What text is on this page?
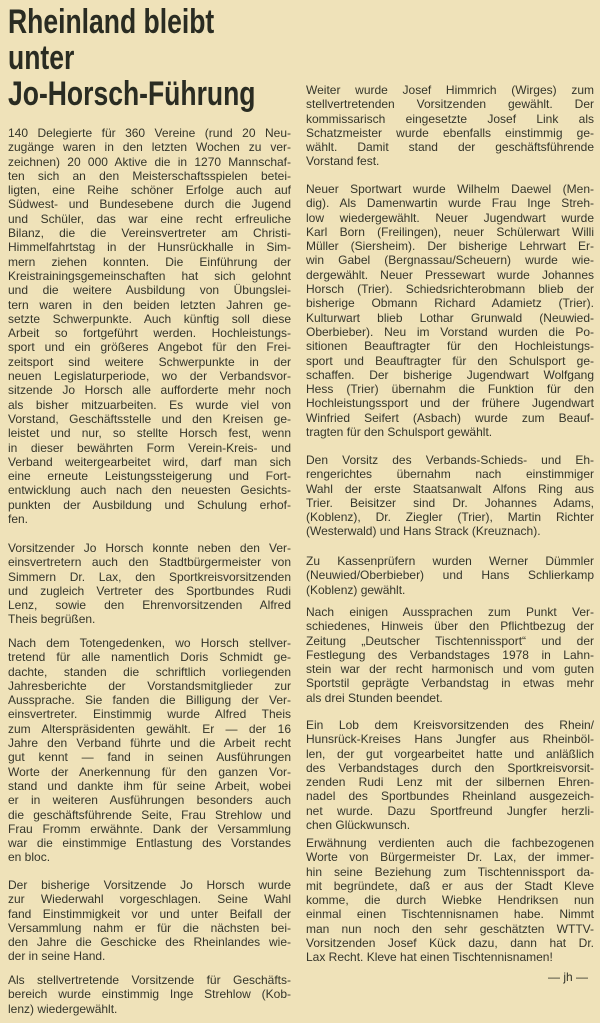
Rheinland bleibt
unter
Jo-Horsch-Führung
140 Delegierte für 360 Vereine (rund 20 Neu-
zugänge waren in den letzten Wochen zu ver-
zeichnen) 20 000 Aktive die in 1270 Mannschaf-
ten sich an den Meisterschaftsspielen betei-
ligten, eine Reihe schöner Erfolge auch auf
Südwest- und Bundesebene durch die Jugend
und Schüler, das war eine recht erfreuliche
Bilanz, die die Vereinsvertreter am Christi-
Himmelfahrtstag in der Hunsrückhalle in Sim-
mern ziehen konnten. Die Einführung der
Kreistrainingsgemeinschaften hat sich gelohnt
und die weitere Ausbildung von Übungslei-
tern waren in den beiden letzten Jahren ge-
setzte Schwerpunkte. Auch künftig soll diese
Arbeit so fortgeführt werden. Hochleistungs-
sport und ein größeres Angebot für den Frei-
zeitsport sind weitere Schwerpunkte in der
neuen Legislaturperiode, wo der Verbandsvor-
sitzende Jo Horsch alle aufforderte mehr noch
als bisher mitzuarbeiten. Es wurde viel von
Vorstand, Geschäftsstelle und den Kreisen ge-
leistet und nur, so stellte Horsch fest, wenn
in dieser bewährten Form Verein-Kreis- und
Verband weitergearbeitet wird, darf man sich
eine erneute Leistungssteigerung und Fort-
entwicklung auch nach den neuesten Gesichts-
punkten der Ausbildung und Schulung erhof-
fen.
Vorsitzender Jo Horsch konnte neben den Ver-
einsvertretern auch den Stadtbürgermeister von
Simmern Dr. Lax, den Sportkreisvorsitzenden
und zugleich Vertreter des Sportbundes Rudi
Lenz, sowie den Ehrenvorsitzenden Alfred
Theis begrüßen.
Nach dem Totengedenken, wo Horsch stellver-
tretend für alle namentlich Doris Schmidt ge-
dachte, standen die schriftlich vorliegenden
Jahresberichte der Vorstandsmitglieder zur
Aussprache. Sie fanden die Billigung der Ver-
einsvertreter. Einstimmig wurde Alfred Theis
zum Alterspräsidenten gewählt. Er — der 16
Jahre den Verband führte und die Arbeit recht
gut kennt — fand in seinen Ausführungen
Worte der Anerkennung für den ganzen Vor-
stand und dankte ihm für seine Arbeit, wobei
er in weiteren Ausführungen besonders auch
die geschäftsführende Seite, Frau Strehlow und
Frau Fromm erwähnte. Dank der Versammlung
war die einstimmige Entlastung des Vorstandes
en bloc.
Der bisherige Vorsitzende Jo Horsch wurde
zur Wiederwahl vorgeschlagen. Seine Wahl
fand Einstimmigkeit vor und unter Beifall der
Versammlung nahm er für die nächsten bei-
den Jahre die Geschicke des Rheinlandes wie-
der in seine Hand.
Als stellvertretende Vorsitzende für Geschäfts-
bereich wurde einstimmig Inge Strehlow (Kob-
lenz) wiedergewählt.
— jh —
Weiter wurde Josef Himmrich (Wirges) zum
stellvertretenden Vorsitzenden gewählt. Der
kommissarisch eingesetzte Josef Link als
Schatzmeister wurde ebenfalls einstimmig ge-
wählt. Damit stand der geschäftsführende
Vorstand fest.
Neuer Sportwart wurde Wilhelm Daewel (Men-
dig). Als Damenwartin wurde Frau Inge Streh-
low wiedergewählt. Neuer Jugendwart wurde
Karl Born (Freilingen), neuer Schülerwart Willi
Müller (Siersheim). Der bisherige Lehrwart Er-
win Gabel (Bergnassau/Scheuern) wurde wie-
dergewählt. Neuer Pressewart wurde Johannes
Horsch (Trier). Schiedsrichterobmann blieb der
bisherige Obmann Richard Adamietz (Trier).
Kulturwart blieb Lothar Grunwald (Neuwied-
Oberbieber). Neu im Vorstand wurden die Po-
sitionen Beauftragter für den Hochleistungs-
sport und Beauftragter für den Schulsport ge-
schaffen. Der bisherige Jugendwart Wolfgang
Hess (Trier) übernahm die Funktion für den
Hochleistungssport und der frühere Jugendwart
Winfried Seifert (Asbach) wurde zum Beauf-
tragten für den Schulsport gewählt.
Den Vorsitz des Verbands-Schieds- und Eh-
rengerichtes übernahm nach einstimmiger
Wahl der erste Staatsanwalt Alfons Ring aus
Trier. Beisitzer sind Dr. Johannes Adams,
(Koblenz), Dr. Ziegler (Trier), Martin Richter
(Westerwald) und Hans Strack (Kreuznach).
Zu Kassenprüfern wurden Werner Dümmler
(Neuwied/Oberbieber) und Hans Schlierkamp
(Koblenz) gewählt.
Nach einigen Aussprachen zum Punkt Ver-
schiedenes, Hinweis über den Pflichtbezug der
Zeitung „Deutscher Tischtennissport“ und der
Festlegung des Verbandstages 1978 in Lahn-
stein war der recht harmonisch und vom guten
Sportstil geprägte Verbandstag in etwas mehr
als drei Stunden beendet.
Ein Lob dem Kreisvorsitzenden des Rhein/
Hunsrück-Kreises Hans Jungfer aus Rheinböl-
len, der gut vorgearbeitet hatte und anläßlich
des Verbandstages durch den Sportkreisvorsit-
zenden Rudi Lenz mit der silbernen Ehren-
nadel des Sportbundes Rheinland ausgezeich-
net wurde. Dazu Sportfreund Jungfer herzli-
chen Glückwunsch.
Erwähnung verdienten auch die fachbezogenen
Worte von Bürgermeister Dr. Lax, der immer-
hin seine Beziehung zum Tischtennissport da-
mit begründete, daß er aus der Stadt Kleve
komme, die durch Wiebke Hendriksen nun
einmal einen Tischtennisnamen habe. Nimmt
man nun noch den sehr geschätzten WTTV-
Vorsitzenden Josef Kück dazu, dann hat Dr.
Lax Recht. Kleve hat einen Tischtennisnamen!
